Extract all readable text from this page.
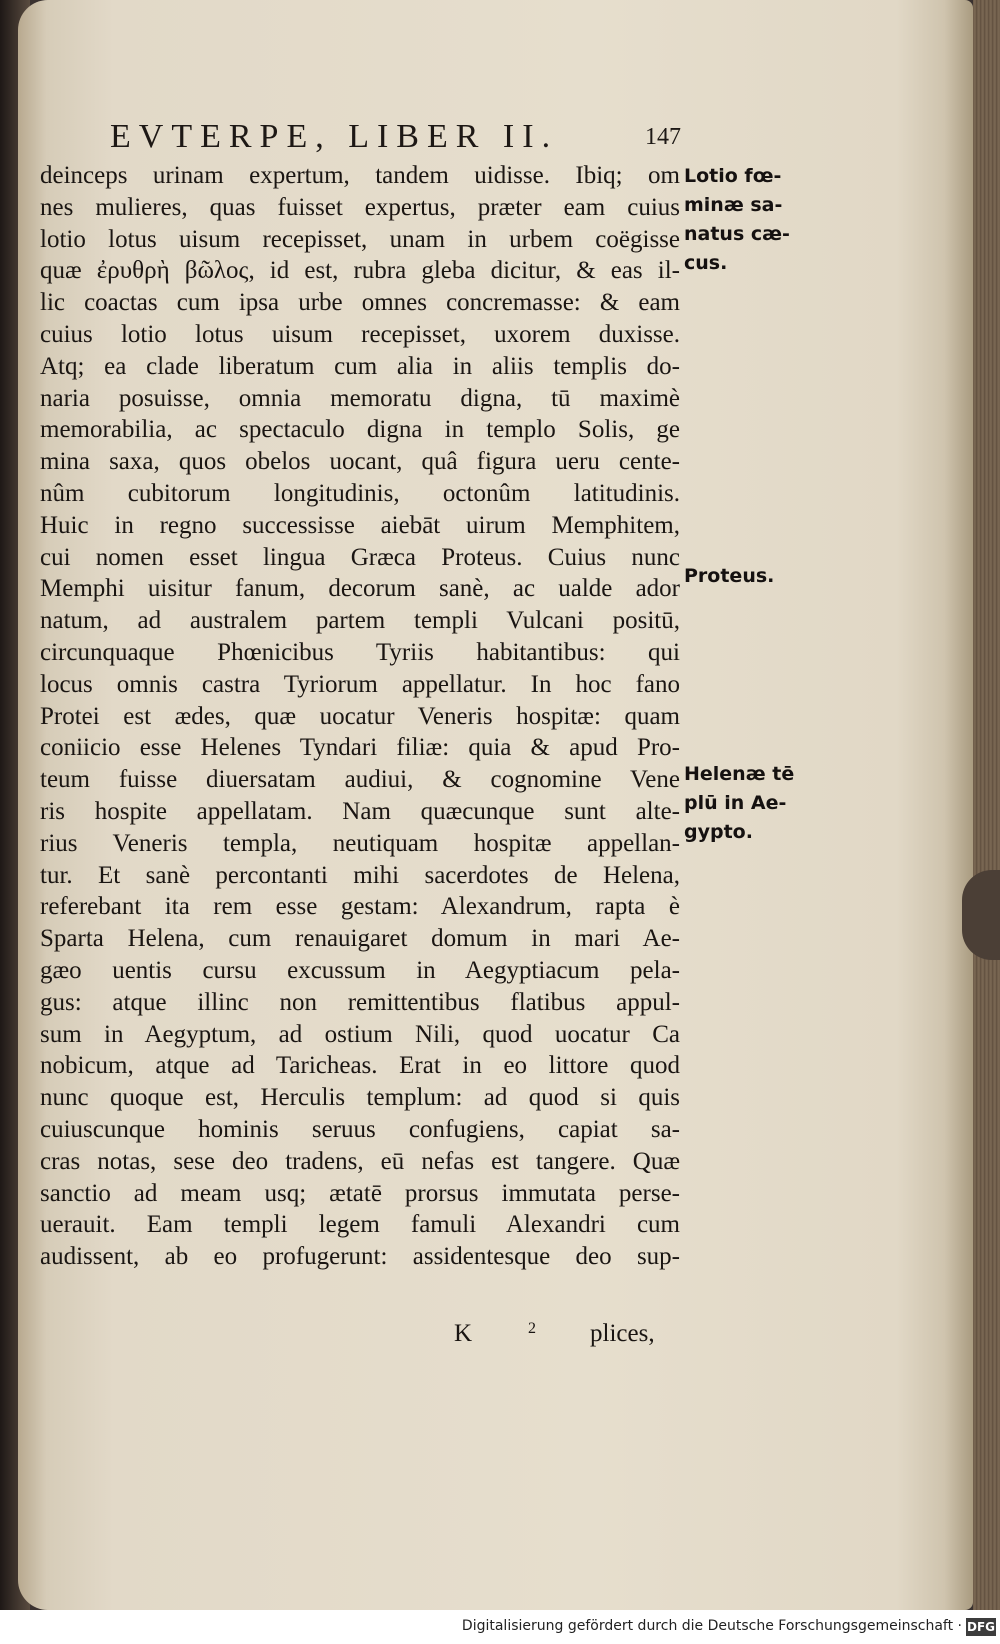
EVTERPE, LIBER II.	147
deinceps urinam expertum, tandem uidisse. Ibiq; om
nes mulieres, quas fuisset expertus, præter eam cuius
lotio lotus uisum recepisset, unam in urbem coëgisse
quæ ἐρυθρὴ βῶλος, id est, rubra gleba dicitur, & eas il-
lic coactas cum ipsa urbe omnes concremasse: & eam
cuius lotio lotus uisum recepisset, uxorem duxisse.
Atq; ea clade liberatum cum alia in aliis templis do-
naria posuisse, omnia memoratu digna, tū maximè
memorabilia, ac spectaculo digna in templo Solis, ge
mina saxa, quos obelos uocant, quâ figura ueru cente-
nûm cubitorum longitudinis, octonûm latitudinis.
Huic in regno successisse aiebāt uirum Memphitem,
cui nomen esset lingua Græca Proteus. Cuius nunc
Memphi uisitur fanum, decorum sanè, ac ualde ador
natum, ad australem partem templi Vulcani positū,
circunquaque Phœnicibus Tyriis habitantibus: qui
locus omnis castra Tyriorum appellatur. In hoc fano
Protei est ædes, quæ uocatur Veneris hospitæ: quam
coniicio esse Helenes Tyndari filiæ: quia & apud Pro-
teum fuisse diuersatam audiui, & cognomine Vene
ris hospite appellatam. Nam quæcunque sunt alte-
rius Veneris templa, neutiquam hospitæ appellan-
tur. Et sanè percontanti mihi sacerdotes de Helena,
referebant ita rem esse gestam: Alexandrum, rapta è
Sparta Helena, cum renauigaret domum in mari Ae-
gæo uentis cursu excussum in Aegyptiacum pela-
gus: atque illinc non remittentibus flatibus appul-
sum in Aegyptum, ad ostium Nili, quod uocatur Ca
nobicum, atque ad Taricheas. Erat in eo littore quod
nunc quoque est, Herculis templum: ad quod si quis
cuiuscunque hominis seruus confugiens, capiat sa-
cras notas, sese deo tradens, eū nefas est tangere. Quæ
sanctio ad meam usq; ætatē prorsus immutata perse-
uerauit. Eam templi legem famuli Alexandri cum
audissent, ab eo profugerunt: assidentesque deo sup-
K	2 plices,
Lotio fœ-
minæ sa-
natus cæ-
cus.
Proteus.
Helenæ tē
plū in Ae-
gypto.
Digitalisierung gefördert durch die Deutsche Forschungsgemeinschaft · DFG
